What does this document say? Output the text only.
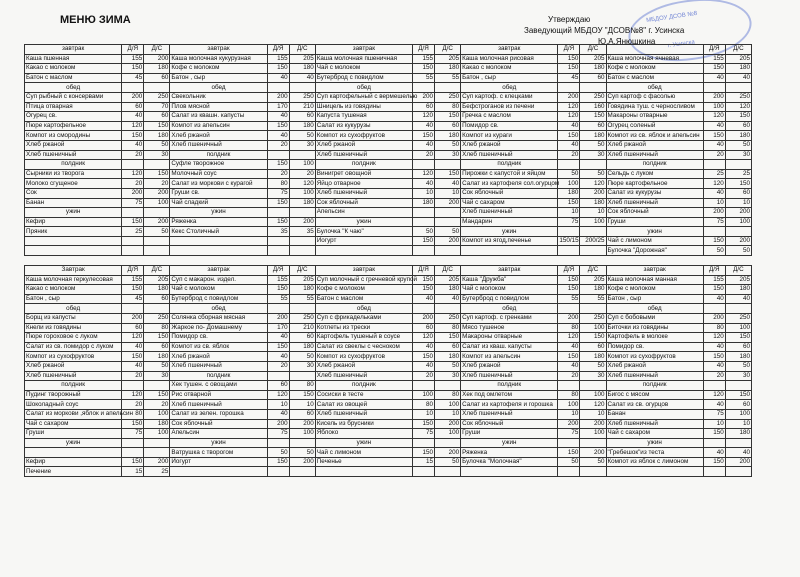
МЕНЮ ЗИМА	МБДОУ ДСОВ №8
г. Усинска
Утверждаю
Заведующий МБДОУ "ДСОВ№8" г. Усинска
Ю.А.Янюшкина
завтрак	Д/Я	Д/С	завтрак	Д/Я	Д/С	завтрак	Д/Я	Д/С	завтрак	Д/Я	Д/С		Д/Я	Д/С
Каша пшенная	155	200	Каша молочная кукурузная	155	205	Каша молочная пшеничная	155	205	Каша молочная рисовая	150	205	Каша молочная ячневая	155	205
Какао с молоком	150	180	Кофе с молоком	150	180	Чай с молоком	150	180	Какао с молоком	150	180	Кофе с молоком	150	180
Батон с маслом	45	60	Батон , сыр	40	40	Бутерброд с повидлом	55	55	Батон , сыр	45	60	Батон с маслом	40	40
обед			обед			обед			обед			обед		
Суп рыбный с консервами	200	250	Свекольник	200	250	Суп картофельный с вермешелью	200	250	Суп картоф. с клецками	200	250	Суп картоф с фасолью	200	250
Птица отварная	60	70	Плов мясной	170	210	Шницель из говядины	60	80	Бефстроганов из печени	120	160	Говядина туш. с черносливом	100	120
Огурец св.	40	60	Салат из квашн. капусты	40	60	Капуста тушеная	120	150	Гречка с маслом	120	150	Макароны отварные	120	150
Пюре картофельное	120	150	Компот из апельсин	150	180	Салат из кукурузы	40	60	Помидор св.	40	60	Огурец соленый	40	60
Компот из смородины	150	180	Хлеб ржаной	40	50	Компот из сухофруктов	150	180	Компот из кураги	150	180	Компот из св. яблок и апельсин	150	180
Хлеб ржаной	40	50	Хлеб пшеничный	20	30	Хлеб ржаной	40	50	Хлеб ржаной	40	50	Хлеб ржаной	40	50
Хлеб пшеничный	20	30	полдник			Хлеб пшеничный	20	30	Хлеб пшеничный	20	30	Хлеб пшеничный	20	30
полдник			Суфле творожное	150	100	полдник			полдник			полдник		
Сырники из творога	120	150	Молочный соус	20	20	Винигрет овощной	120	150	Пирожки с капустой и яйцом	50	50	Сельдь с луком	25	25
Молоко сгущеное	20	20	Салат из моркови с курагой	80	120	Яйцо отварное	40	40	Салат из картофеля сол.огурцом	100	120	Пюре картофельное	120	150
Сок	200	200	Груши св.	75	100	Хлеб пшеничный	10	10	Сок яблочный	180	200	Салат из кукурузы	40	60
Банан	75	100	Чай сладкий	150	180	Сок яблочный	180	200	Чай с сахаром	150	180	Хлеб пшеничный	10	10
ужин			ужин			Апельсин			Хлеб пшеничный	10	10	Сок яблочный	200	200
Кефир	150	200	Ряженка	150	200	ужин			Мандарин	75	100	Груши	75	100
Пряник	25	50	Кекс Столичный	35	35	Булочка "К чаю"	50	50	ужин			ужин		
						Йогурт	150	200	Компот из ягод,печенье	150/15	200/25	Чай с лимоном	150	200
												Булочка "Дорожная"	50	50
Завтрак	Д/Я	Д/С	завтрак	Д/Я	Д/С	завтрак	Д/Я	Д/С	завтрак	Д/Я	Д/С	завтрак	Д/Я	Д/С
Каша молочная геркулесовая	155	205	Суп с макарон. издел.	155	205	Суп молочный с гречневой крупой	150	205	Каша "Дружба"	150	205	Каша молочная манная	155	205
Какао с молоком	150	180	Чай с молоком	150	180	Кофе с молоком	150	180	Чай с молоком	150	180	Кофе с молоком	150	180
Батон , сыр	45	60	Бутерброд с повидлом	55	55	Батон с маслом	40	40	Бутерброд с повидлом	55	55	Батон , сыр	40	40
обед			обед			обед			обед			обед		
Борщ из капусты	200	250	Солянка сборная мясная	200	250	Суп с фрикадельками	200	250	Суп картоф. с гренками	200	250	Суп с бобовыми	200	250
Кнели из говядины	60	80	Жаркое по- Домашнему	170	210	Котлеты из трески	60	80	Мясо тушеное	80	100	Биточки из говядины	80	100
Пюре гороховое с луком	120	150	Помидор св.	40	60	Картофель тушеный в соусе	120	150	Макароны отварные	120	150	Картофель в молоке	120	150
Салат из св. помидор с луком	40	60	Компот из св. яблок	150	180	Салат из свеклы с чесноком	40	60	Салат из кваш. капусты	40	60	Помидор св.	40	60
Компот из сухофруктов	150	180	Хлеб ржаной	40	50	Компот из сухофруктов	150	180	Компот из апельсин	150	180	Компот из сухофруктов	150	180
Хлеб ржаной	40	50	Хлеб пшеничный	20	30	Хлеб ржаной	40	50	Хлеб ржаной	40	50	Хлеб ржаной	40	50
Хлеб пшеничный	20	30	полдник			Хлеб пшеничный	20	30	Хлеб пшеничный	20	30	Хлеб пшеничный	20	30
полдник			Хек тушен. с овощами	60	80	полдник			полдник			полдник		
Пудинг творожный	120	150	Рис отварной	120	150	Сосиски в тесте	100	80	Хек под омлетом	80	100	Бигос с мясом	120	150
Шоколадный соус	20	20	Хлеб пшеничный	10	10	Салат из овощей	80	100	Салат из картофеля и горошка	100	120	Салат из св. огурцов	40	60
Салат из моркови ,яблок и апельсин	80	100	Салат из зелен. горошка	40	60	Хлеб пшеничный	10	10	Хлеб пшеничный	10	10	Банан	75	100
Чай с сахаром	150	180	Сок яблочный	200	200	Кисель из брусники	150	200	Сок яблочный	200	200	Хлеб пшеничный	10	10
Груши	75	100	Апельсин	75	100	Яблоко	75	100	Груши	75	100	Чай с сахаром	150	180
ужин			ужин			ужин			ужин			ужин		
			Ватрушка с творогом	50	50	Чай с лимоном	150	200	Ряженка	150	200	"Гребешок"из теста	40	40
Кефир	150	200	Йогурт	150	200	Печенье	15	50	Булочка "Молочная"	50	50	Компот из яблок с лимоном	150	200
Печение	15	25												
